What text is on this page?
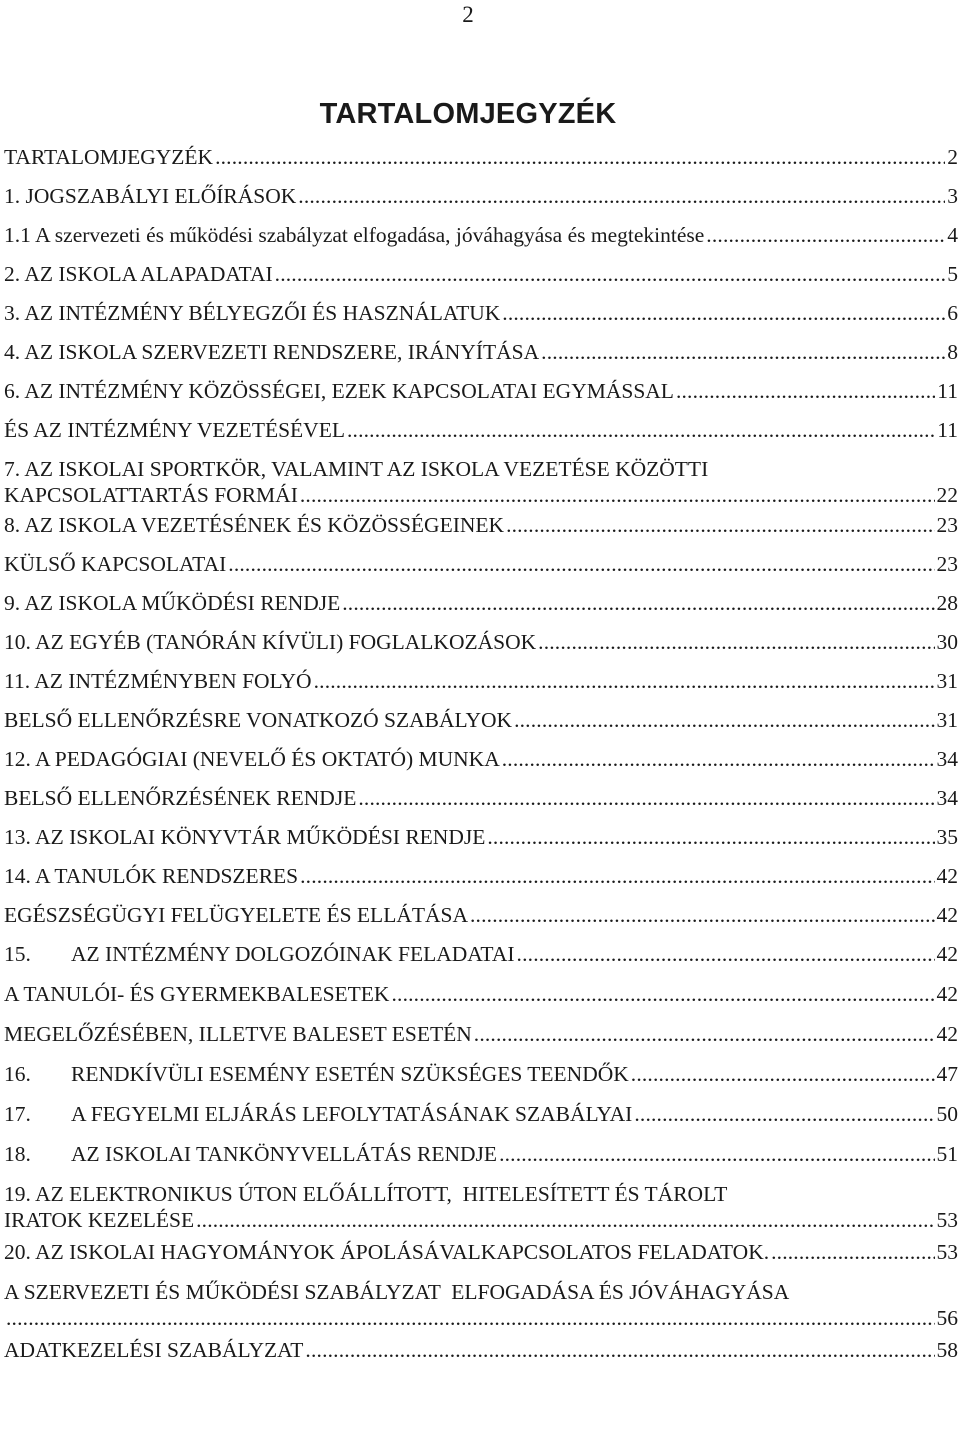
2
TARTALOMJEGYZÉK
TARTALOMJEGYZÉK . . .	2
1. JOGSZABÁLYI ELŐÍRÁSOK . . .	3
1.1 A szervezeti és működési szabályzat elfogadása, jóváhagyása és megtekintése . . .	4
2. AZ ISKOLA ALAPADATAI . . .	5
3. AZ INTÉZMÉNY BÉLYEGZŐI ÉS HASZNÁLATUK . . .	6
4. AZ ISKOLA SZERVEZETI RENDSZERE, IRÁNYÍTÁSA . . .	8
6. AZ INTÉZMÉNY KÖZÖSSÉGEI, EZEK KAPCSOLATAI EGYMÁSSAL . . .	11
ÉS AZ INTÉZMÉNY VEZETÉSÉVEL . . .	11
7. AZ ISKOLAI SPORTKÖR, VALAMINT AZ ISKOLA VEZETÉSE KÖZÖTTI
KAPCSOLATTARTÁS FORMÁI . . .	22
8. AZ ISKOLA VEZETÉSÉNEK ÉS KÖZÖSSÉGEINEK . . .	23
KÜLSŐ KAPCSOLATAI . . .	23
9. AZ ISKOLA MŰKÖDÉSI RENDJE . . .	28
10. AZ EGYÉB (TANÓRÁN KÍVÜLI) FOGLALKOZÁSOK . . .	30
11. AZ INTÉZMÉNYBEN FOLYÓ . . .	31
BELSŐ ELLENŐRZÉSRE VONATKOZÓ SZABÁLYOK . . .	31
12. A PEDAGÓGIAI (NEVELŐ ÉS OKTATÓ) MUNKA . . .	34
BELSŐ ELLENŐRZÉSÉNEK RENDJE . . .	34
13. AZ ISKOLAI KÖNYVTÁR MŰKÖDÉSI RENDJE . . .	35
14. A TANULÓK RENDSZERES . . .	42
EGÉSZSÉGÜGYI FELÜGYELETE ÉS ELLÁTÁSA . . .	42
15.	AZ INTÉZMÉNY DOLGOZÓINAK FELADATAI . . .	42
A TANULÓI- ÉS GYERMEKBALESETEK . . .	42
MEGELŐZÉSÉBEN, ILLETVE BALESET ESETÉN . . .	42
16.	RENDKÍVÜLI ESEMÉNY ESETÉN SZÜKSÉGES TEENDŐK . . .	47
17.	A FEGYELMI ELJÁRÁS LEFOLYTATÁSÁNAK SZABÁLYAI . . .	50
18.	AZ ISKOLAI TANKÖNYVELLÁTÁS RENDJE . . .	51
19. AZ ELEKTRONIKUS ÚTON ELŐÁLLÍTOTT,  HITELESÍTETT ÉS TÁROLT
IRATOK KEZELÉSE . . .	53
20. AZ ISKOLAI HAGYOMÁNYOK ÁPOLÁSÁVALKAPCSOLATOS FELADATOK. . . .	53
A SZERVEZETI ÉS MŰKÖDÉSI SZABÁLYZAT  ELFOGADÁSA ÉS JÓVÁHAGYÁSA
. . .
56
ADATKEZELÉSI SZABÁLYZAT . . .	58
